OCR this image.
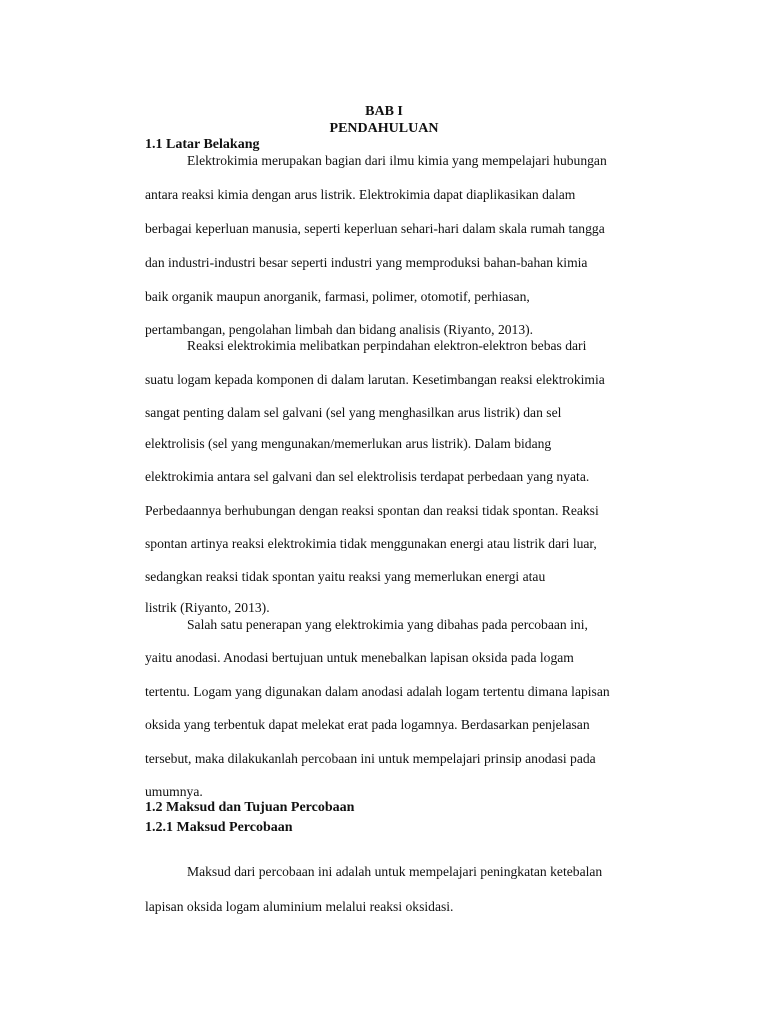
BAB I
PENDAHULUAN
1.1 Latar Belakang
Elektrokimia merupakan bagian dari ilmu kimia yang mempelajari hubungan
antara reaksi kimia dengan arus listrik. Elektrokimia dapat diaplikasikan dalam
berbagai keperluan manusia, seperti keperluan sehari-hari dalam skala rumah tangga
dan industri-industri besar seperti industri yang memproduksi bahan-bahan kimia
baik organik maupun anorganik, farmasi, polimer, otomotif, perhiasan,
pertambangan, pengolahan limbah dan bidang analisis (Riyanto, 2013).
Reaksi elektrokimia melibatkan perpindahan elektron-elektron bebas dari
suatu logam kepada komponen di dalam larutan. Kesetimbangan reaksi elektrokimia
sangat penting dalam sel galvani (sel yang menghasilkan arus listrik) dan sel
elektrolisis (sel yang mengunakan/memerlukan arus listrik). Dalam bidang
elektrokimia antara sel galvani dan sel elektrolisis terdapat perbedaan yang nyata.
Perbedaannya berhubungan dengan reaksi spontan dan reaksi tidak spontan. Reaksi
spontan artinya reaksi elektrokimia tidak menggunakan energi atau listrik dari luar,
sedangkan reaksi tidak spontan yaitu reaksi yang memerlukan energi atau
listrik (Riyanto, 2013).
Salah satu penerapan yang elektrokimia yang dibahas pada percobaan ini,
yaitu anodasi. Anodasi bertujuan untuk menebalkan lapisan oksida pada logam
tertentu. Logam yang digunakan dalam anodasi adalah logam tertentu dimana lapisan
oksida yang terbentuk dapat melekat erat pada logamnya. Berdasarkan penjelasan
tersebut, maka dilakukanlah percobaan ini untuk mempelajari prinsip anodasi pada
umumnya.
1.2 Maksud dan Tujuan Percobaan
1.2.1 Maksud Percobaan
Maksud dari percobaan ini adalah untuk mempelajari peningkatan ketebalan
lapisan oksida logam aluminium melalui reaksi oksidasi.
